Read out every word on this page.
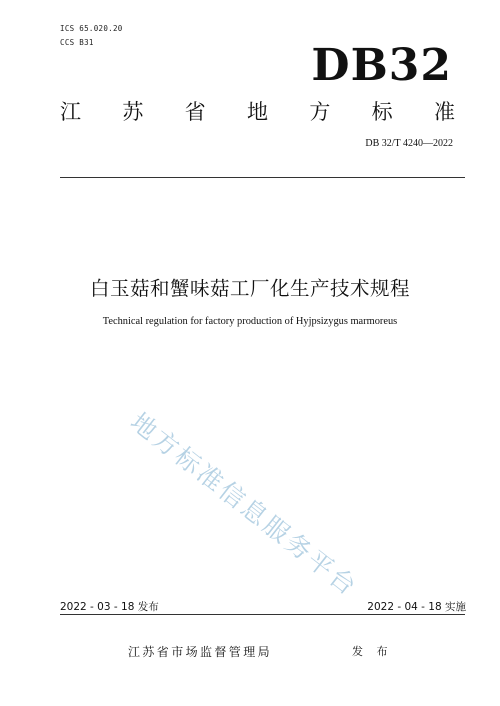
ICS 65.020.20
CCS B31	DB32
江 苏 省 地 方 标 准
DB 32/T 4240—2022
白玉菇和蟹味菇工厂化生产技术规程
Technical regulation for factory production of Hyjpsizygus marmoreus
地方标准信息服务平台
2022 - 03 - 18 发布	2022 - 04 - 18 实施
江苏省市场监督管理局	发 布
